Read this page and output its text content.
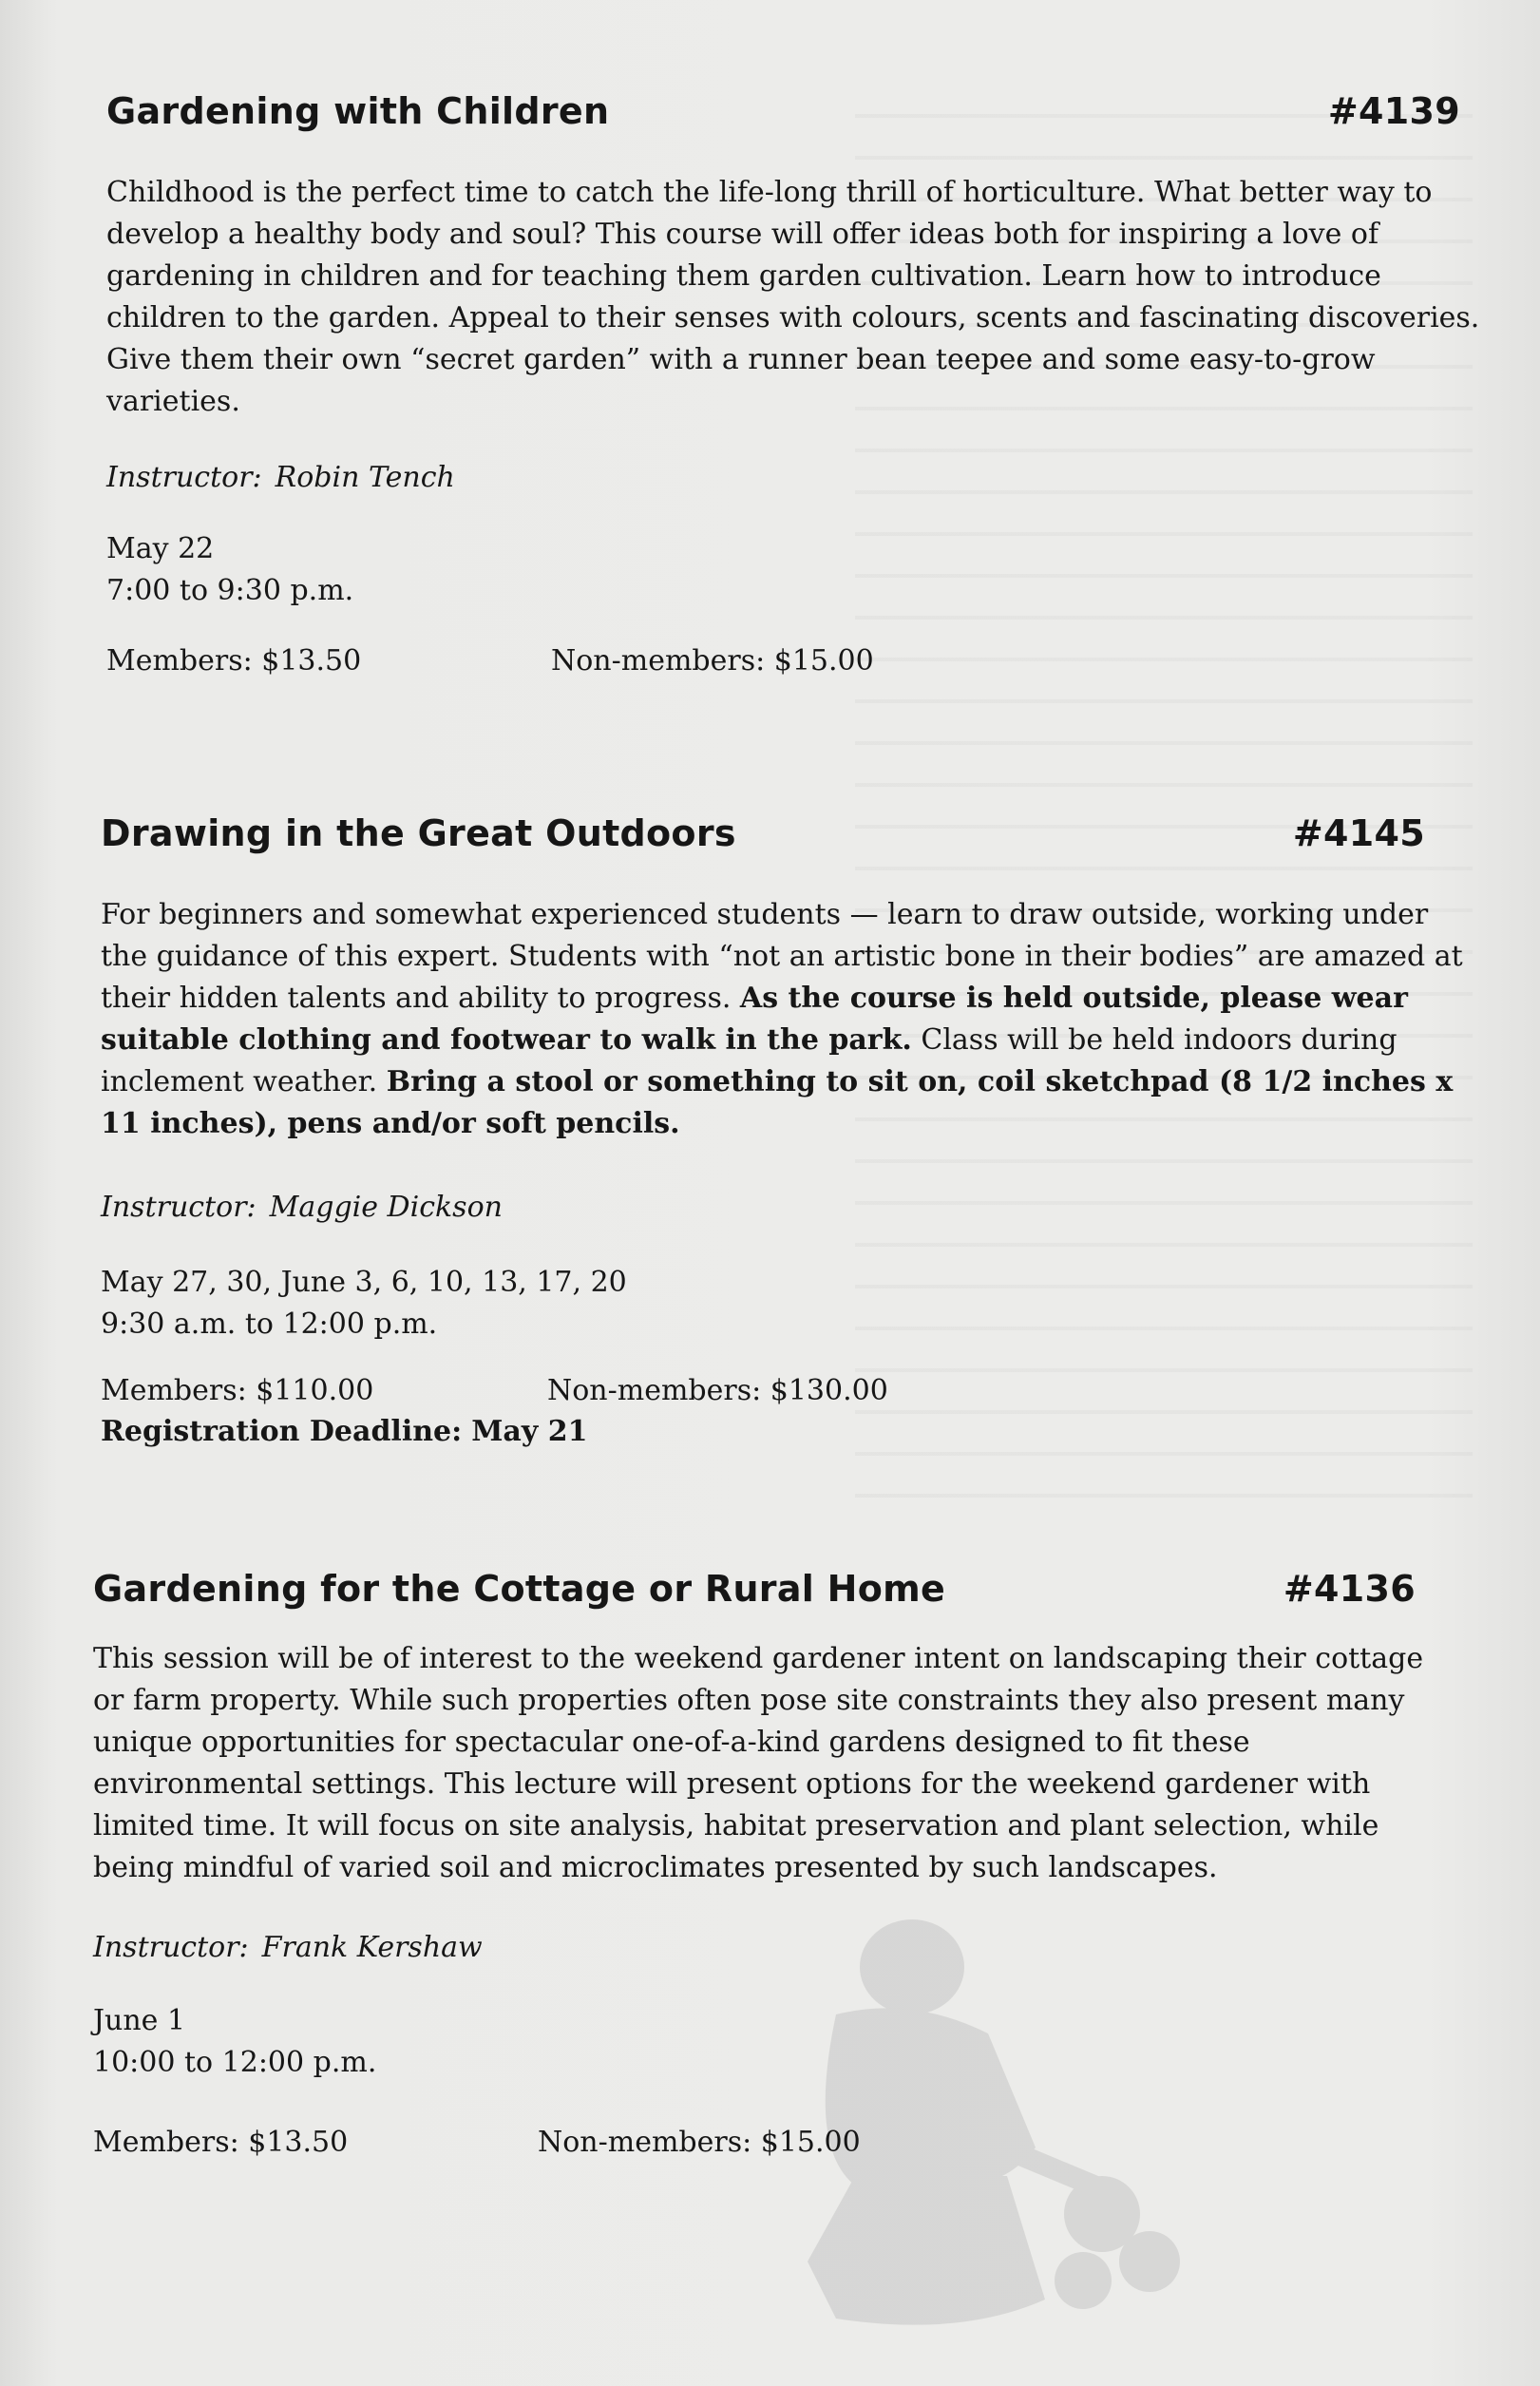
Gardening with Children	#4139
Childhood is the perfect time to catch the life-long thrill of horticulture. What better way to develop a healthy body and soul? This course will offer ideas both for inspiring a love of gardening in children and for teaching them garden cultivation. Learn how to introduce children to the garden. Appeal to their senses with colours, scents and fascinating discoveries. Give them their own “secret garden” with a runner bean teepee and some easy-to-grow varieties.
Instructor: Robin Tench
May 22
7:00 to 9:30 p.m.
Members: $13.50	Non-members: $15.00
Drawing in the Great Outdoors	#4145
For beginners and somewhat experienced students — learn to draw outside, working under the guidance of this expert. Students with “not an artistic bone in their bodies” are amazed at their hidden talents and ability to progress. As the course is held outside, please wear suitable clothing and footwear to walk in the park. Class will be held indoors during inclement weather. Bring a stool or something to sit on, coil sketchpad (8 1/2 inches x 11 inches), pens and/or soft pencils.
Instructor: Maggie Dickson
May 27, 30, June 3, 6, 10, 13, 17, 20
9:30 a.m. to 12:00 p.m.
Members: $110.00	Non-members: $130.00
Registration Deadline: May 21
Gardening for the Cottage or Rural Home	#4136
This session will be of interest to the weekend gardener intent on landscaping their cottage or farm property. While such properties often pose site constraints they also present many unique opportunities for spectacular one-of-a-kind gardens designed to fit these environmental settings. This lecture will present options for the weekend gardener with limited time. It will focus on site analysis, habitat preservation and plant selection, while being mindful of varied soil and microclimates presented by such landscapes.
Instructor: Frank Kershaw
June 1
10:00 to 12:00 p.m.
Members: $13.50	Non-members: $15.00
